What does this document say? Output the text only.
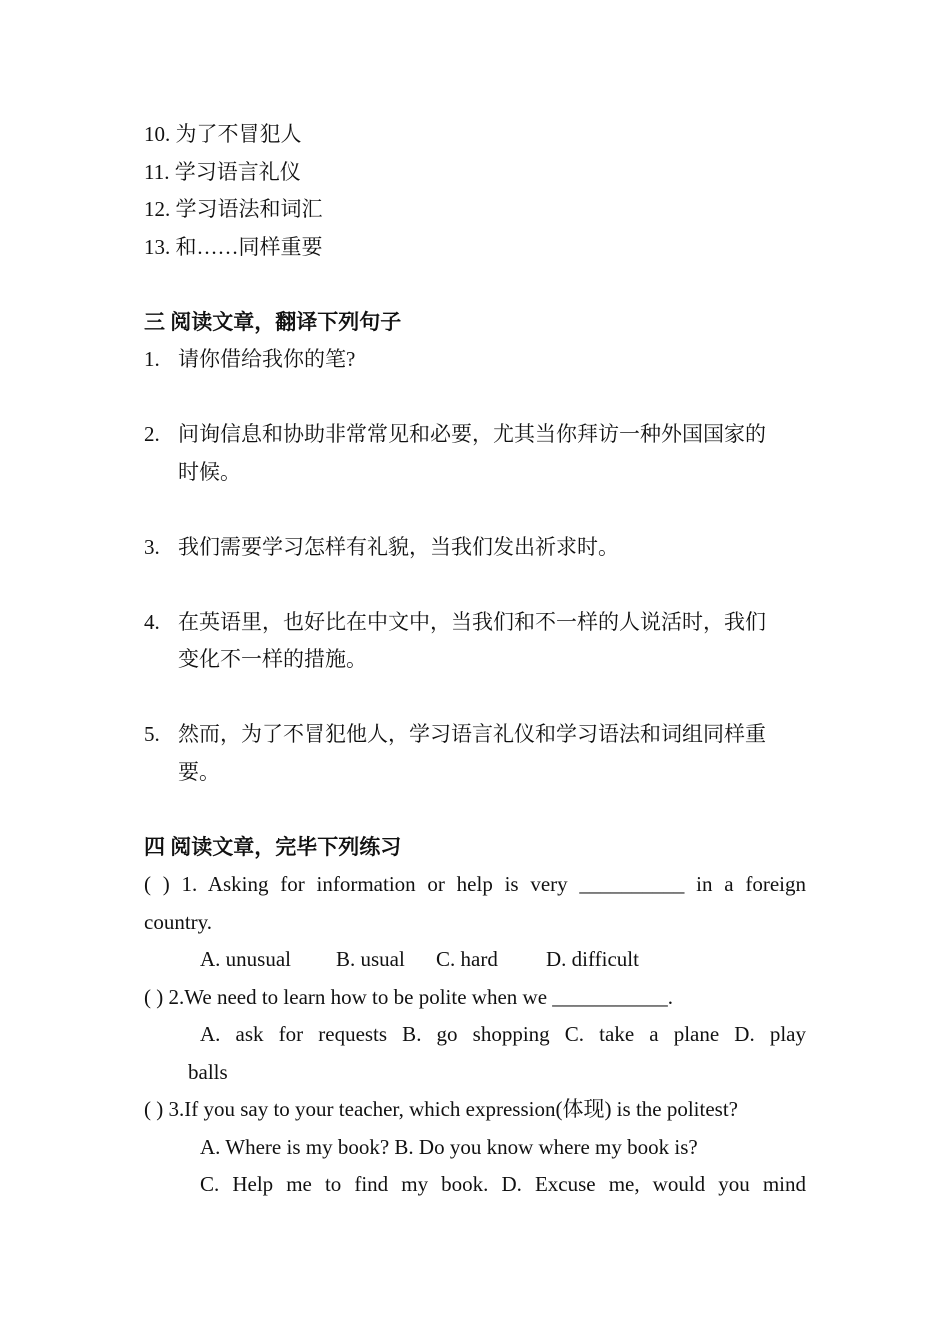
10. 为了不冒犯人
11. 学习语言礼仪
12. 学习语法和词汇
13. 和……同样重要
三 阅读文章，翻译下列句子
1. 请你借给我你的笔?
2. 问询信息和协助非常常见和必要，尤其当你拜访一种外国国家的
时候。
3. 我们需要学习怎样有礼貌，当我们发出祈求时。
4. 在英语里，也好比在中文中，当我们和不一样的人说活时，我们
变化不一样的措施。
5. 然而，为了不冒犯他人，学习语言礼仪和学习语法和词组同样重
要。
四 阅读文章，完毕下列练习
( ) 1. Asking for information or help is very __________ in a foreign
country.
A. unusual B. usual C. hard D. difficult
( ) 2.We need to learn how to be polite when we ___________.
A. ask for requests B. go shopping C. take a plane D. play
balls
( ) 3.If you say to your teacher, which expression(体现) is the politest?
A. Where is my book? B. Do you know where my book is?
C. Help me to find my book. D. Excuse me, would you mind
